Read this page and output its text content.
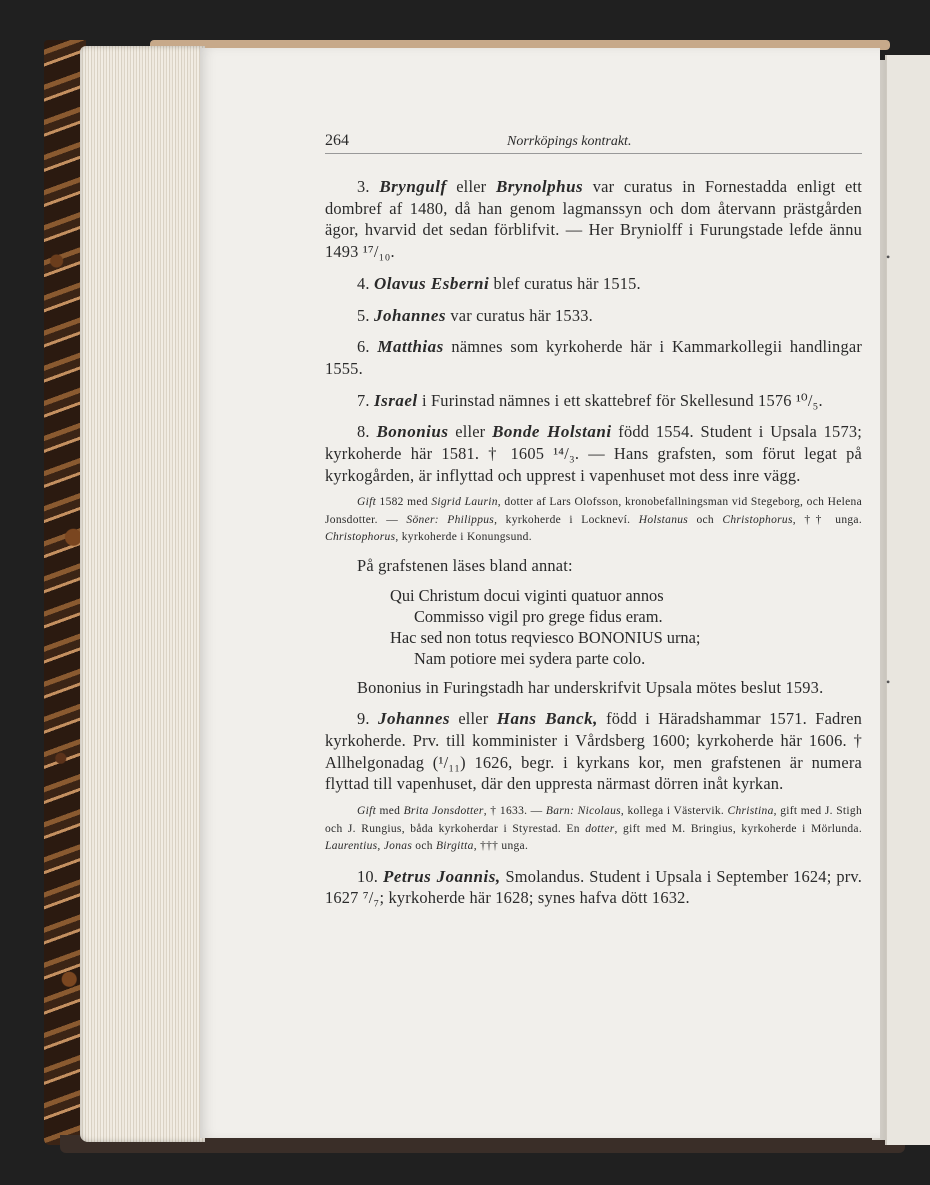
264	Norrköpings kontrakt.

3. Bryngulf eller Brynolphus var curatus in Fornestadda enligt ett dombref af 1480, då han genom lagmanssyn och dom återvann prästgården ägor, hvarvid det sedan förblifvit. — Her Bryniolff i Furungstade lefde ännu 1493 ¹⁷/₁₀.

4. Olavus Esberni blef curatus här 1515.

5. Johannes var curatus här 1533.

6. Matthias nämnes som kyrkoherde här i Kammarkollegii handlingar 1555.

7. Israel i Furinstad nämnes i ett skattebref för Skellesund 1576 ¹⁰/₅.

8. Bononius eller Bonde Holstani född 1554. Student i Upsala 1573; kyrkoherde här 1581. † 1605 ¹⁴/₃. — Hans grafsten, som förut legat på kyrkogården, är inflyttad och upprest i vapenhuset mot dess inre vägg.

Gift 1582 med Sigrid Laurin, dotter af Lars Olofsson, kronobefallningsman vid Stegeborg, och Helena Jonsdotter. — Söner: Philippus, kyrkoherde i Lockneví. Holstanus och Christophorus, †† unga. Christophorus, kyrkoherde i Konungsund.

På grafstenen läses bland annat:

Qui Christum docui viginti quatuor annos
Commisso vigil pro grege fidus eram.
Hac sed non totus reqviesco BONONIUS urna;
Nam potiore mei sydera parte colo.

Bononius in Furingstadh har underskrifvit Upsala mötes beslut 1593.

9. Johannes eller Hans Banck, född i Häradshammar 1571. Fadren kyrkoherde. Prv. till komminister i Vårdsberg 1600; kyrkoherde här 1606. † Allhelgonadag (¹/₁₁) 1626, begr. i kyrkans kor, men grafstenen är numera flyttad till vapenhuset, där den uppresta närmast dörren inåt kyrkan.

Gift med Brita Jonsdotter, † 1633. — Barn: Nicolaus, kollega i Västervik. Christina, gift med J. Stigh och J. Rungius, båda kyrkoherdar i Styrestad. En dotter, gift med M. Bringius, kyrkoherde i Mörlunda. Laurentius, Jonas och Birgitta, ††† unga.

10. Petrus Joannis, Smolandus. Student i Upsala i September 1624; prv. 1627 ⁷/₇; kyrkoherde här 1628; synes hafva dött 1632.

•
•
